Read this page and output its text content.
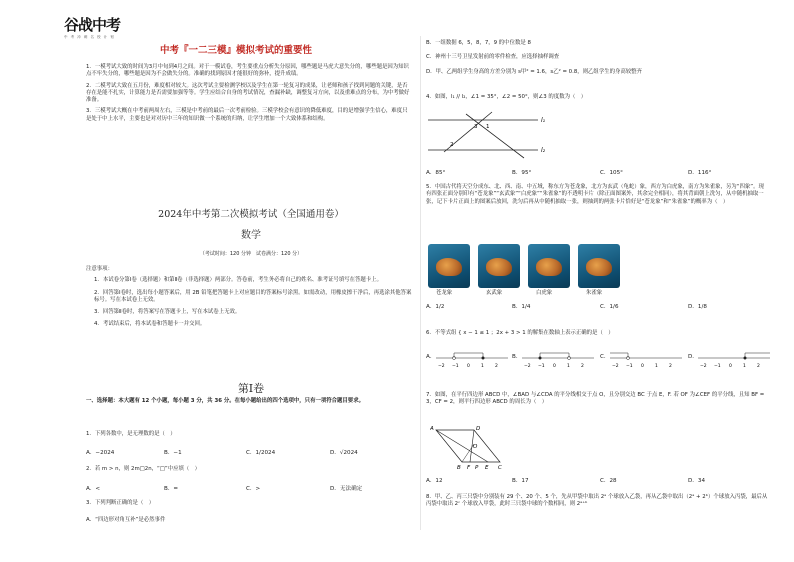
谷战中考
中 考 冲 刺 名 校 计 划
中考『一二三模』模拟考试的重要性
1．一模考试大致的时间为3月中旬到4月之间。对于一模试卷，考生要重点分析失分原因，哪些题是马虎大意失分的，哪些题是因为知识点不牢失分的，哪些题是因为不会做失分的。准确的找到原因才能很好的弥补，提升成绩。
2．二模考试大致在五月份，难度相对较大。这次考试主要检测学校以及学生在第一轮复习的成果，让老师和孩子找到问题的关键，是否存在是能不扎实，计算能力是否需要加强等等。学生应结合自身的考试情况，查漏补缺，调整复习方向，以及重难点的分布，为中考做好准备。
3．三模考试大概在中考前两周左右，三模是中考前的最后一次考前检验。三模学校会有意识的降低难度，目的是增强学生信心，难度只是处于中上水平，主要也是对对历中三年的知识做一个系统的归纳，让学生增加一个大致体系和结构。
2024年中考第二次模拟考试（全国通用卷）
数学
（考试时间：120 分钟　试卷满分：120 分）
注意事项：
1．本试卷分第Ⅰ卷（选择题）和第Ⅱ卷（非选择题）两部分。答卷前，考生务必将自己的姓名、准考证号填写在答题卡上。
2．回答第Ⅰ卷时，选出每小题答案后，用 2B 铅笔把答题卡上对应题目的答案标号涂黑。如需改动，用橡皮擦干净后，再选涂其他答案标号。写在本试卷上无效。
3．回答第Ⅱ卷时，将答案写在答题卡上，写在本试卷上无效。
4．考试结束后，将本试卷和答题卡一并交回。
第Ⅰ卷
一、选择题：本大题有 12 个小题，每小题 3 分，共 36 分。在每小题给出的四个选项中，只有一项符合题目要求。
1．下列各数中，是无理数的是（　）
A．−2024	B．−1	C．1/2024	D．√2024
2．若 m > n，则 2m□2n，“□”中应填（　）
A．<	B．=	C．>	D．无法确定
3．下列判断正确的是（　）
A．“四边形对角互补”是必然事件
B．一组数据 6，5，8，7，9 的中位数是 8
C．神州十三号卫星发射前的零件检查，应选择抽样调查
D．甲、乙两组学生身高的方差分别为 s甲² = 1.6，s乙² = 0.8，则乙组学生的身高较整齐
4．如图，l₁ // l₂，∠1 = 35°，∠2 = 50°，则∠3 的度数为（　）
l₁
l₂
1
2
3
A．85°	B．95°	C．105°	D．116°
5．中国古代将天空分成东、北、西、南、中五域，称东方为苍龙象，北方为玄武（龟蛇）象，西方为白虎象，南方为朱雀象，另为“四象”。现有四张正面分别印有“苍龙象”“玄武象”“白虎象”“朱雀象”的不透明卡片（除正面图案外，其余完全相同），将其背面朝上洗匀，从中随机抽取一张，记下卡片正面上的图案后放回，洗匀后再从中随机抽取一张，则抽到的两张卡片恰好是“苍龙象”和“朱雀象”的概率为（　）
苍龙象	玄武象	白虎象	朱雀象
A．1/2	B．1/4	C．1/6	D．1/8
6．不等式组 { x − 1 ≤ 1 ；2x + 3 > 1 的解集在数轴上表示正确的是（　）
A．	B．	C．	D．
−2 −1 0 1 2	−2 −1 0 1 2	−2 −1 0 1 2	−2 −1 0 1 2
7．如图，在平行四边形 ABCD 中，∠BAD 与∠CDA 的平分线相交于点 O，且分别交边 BC 于点 E，F. 若 OF 为∠CEF 的平分线，且知 BF = 3，CF = 2，则平行四边形 ABCD 的周长为（　）
A	D
B F P E C
O
A．12	B．17	C．28	D．34
8．甲、乙、丙三只袋中分别装有 29 个、20 个、5 个，先从甲袋中取出 2ᵃ 个球放入乙袋，再从乙袋中取出（2ᵃ + 2ᵇ）个球放入丙袋，最后从丙袋中取出 2ᶜ 个球放入甲袋，此时三只袋中球的个数相同，则 2ᵃ⁺ᵇ
